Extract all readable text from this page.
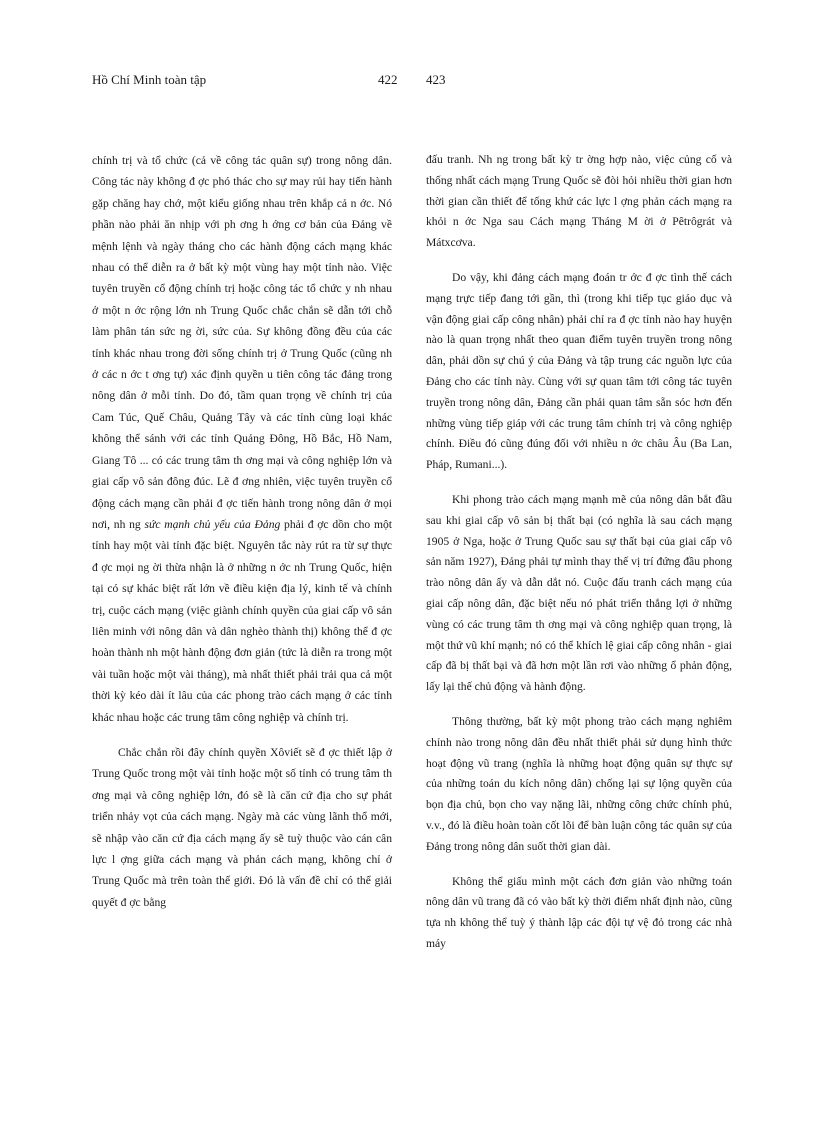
Hồ Chí Minh toàn tập	422 423

chính trị và tổ chức (cả về công tác quân sự) trong nông dân. Công tác này không đ ợc phó thác cho sự may rủi hay tiến hành gặp chăng hay chớ, một kiểu giống nhau trên khắp cả n ớc. Nó phần nào phải ăn nhịp với ph ơng h ớng cơ bản của Đảng về mệnh lệnh và ngày tháng cho các hành động cách mạng khác nhau có thể diễn ra ở bất kỳ một vùng hay một tỉnh nào. Việc tuyên truyền cổ động chính trị hoặc công tác tổ chức y nh nhau ở một n ớc rộng lớn nh Trung Quốc chắc chắn sẽ dẫn tới chỗ làm phân tán sức ng ời, sức của. Sự không đồng đều của các tỉnh khác nhau trong đời sống chính trị ở Trung Quốc (cũng nh ở các n ớc t ơng tự) xác định quyền u tiên công tác đảng trong nông dân ở mỗi tỉnh. Do đó, tầm quan trọng về chính trị của Cam Túc, Quế Châu, Quảng Tây và các tỉnh cùng loại khác không thể sánh với các tỉnh Quảng Đông, Hồ Bắc, Hồ Nam, Giang Tô ... có các trung tâm th ơng mại và công nghiệp lớn và giai cấp vô sản đông đúc. Lẽ đ ơng nhiên, việc tuyên truyền cổ động cách mạng cần phải đ ợc tiến hành trong nông dân ở mọi nơi, nh ng sức mạnh chủ yếu của Đảng phải đ ợc dồn cho một tỉnh hay một vài tỉnh đặc biệt. Nguyên tắc này rút ra từ sự thực đ ợc mọi ng ời thừa nhận là ở những n ớc nh Trung Quốc, hiện tại có sự khác biệt rất lớn về điều kiện địa lý, kinh tế và chính trị, cuộc cách mạng (việc giành chính quyền của giai cấp vô sản liên minh với nông dân và dân nghèo thành thị) không thể đ ợc hoàn thành nh một hành động đơn giản (tức là diễn ra trong một vài tuần hoặc một vài tháng), mà nhất thiết phải trải qua cả một thời kỳ kéo dài ít lâu của các phong trào cách mạng ở các tỉnh khác nhau hoặc các trung tâm công nghiệp và chính trị.

Chắc chắn rồi đây chính quyền Xôviết sẽ đ ợc thiết lập ở Trung Quốc trong một vài tỉnh hoặc một số tỉnh có trung tâm th ơng mại và công nghiệp lớn, đó sẽ là căn cứ địa cho sự phát triển nhảy vọt của cách mạng. Ngày mà các vùng lãnh thổ mới, sẽ nhập vào căn cứ địa cách mạng ấy sẽ tuỳ thuộc vào cán cân lực l ợng giữa cách mạng và phản cách mạng, không chỉ ở Trung Quốc mà trên toàn thế giới. Đó là vấn đề chỉ có thể giải quyết đ ợc bằng

đấu tranh. Nh ng trong bất kỳ tr ờng hợp nào, việc củng cố và thống nhất cách mạng Trung Quốc sẽ đòi hỏi nhiều thời gian hơn thời gian cần thiết để tống khứ các lực l ợng phản cách mạng ra khỏi n ớc Nga sau Cách mạng Tháng M ời ở Pêtrôgrát và Mátxcơva.

Do vậy, khi đảng cách mạng đoán tr ớc đ ợc tình thế cách mạng trực tiếp đang tới gần, thì (trong khi tiếp tục giáo dục và vận động giai cấp công nhân) phải chỉ ra đ ợc tỉnh nào hay huyện nào là quan trọng nhất theo quan điểm tuyên truyền trong nông dân, phải dồn sự chú ý của Đảng và tập trung các nguồn lực của Đảng cho các tỉnh này. Cùng với sự quan tâm tới công tác tuyên truyền trong nông dân, Đảng cần phải quan tâm sẵn sóc hơn đến những vùng tiếp giáp với các trung tâm chính trị và công nghiệp chính. Điều đó cũng đúng đối với nhiều n ớc châu Âu (Ba Lan, Pháp, Rumani...).

Khi phong trào cách mạng mạnh mẽ của nông dân bắt đầu sau khi giai cấp vô sản bị thất bại (có nghĩa là sau cách mạng 1905 ở Nga, hoặc ở Trung Quốc sau sự thất bại của giai cấp vô sản năm 1927), Đảng phải tự mình thay thế vị trí đứng đầu phong trào nông dân ấy và dẫn dắt nó. Cuộc đấu tranh cách mạng của giai cấp nông dân, đặc biệt nếu nó phát triển thắng lợi ở những vùng có các trung tâm th ơng mại và công nghiệp quan trọng, là một thứ vũ khí mạnh; nó có thể khích lệ giai cấp công nhân - giai cấp đã bị thất bại và đã hơn một lần rơi vào những ổ phản động, lấy lại thế chủ động và hành động.

Thông thường, bất kỳ một phong trào cách mạng nghiêm chỉnh nào trong nông dân đều nhất thiết phải sử dụng hình thức hoạt động vũ trang (nghĩa là những hoạt động quân sự thực sự của những toán du kích nông dân) chống lại sự lộng quyền của bọn địa chủ, bọn cho vay nặng lãi, những công chức chính phủ, v.v., đó là điều hoàn toàn cốt lõi để bàn luận công tác quân sự của Đảng trong nông dân suốt thời gian dài.

Không thể giấu mình một cách đơn giản vào những toán nông dân vũ trang đã có vào bất kỳ thời điểm nhất định nào, cũng tựa nh không thể tuỳ ý thành lập các đội tự vệ đỏ trong các nhà máy
